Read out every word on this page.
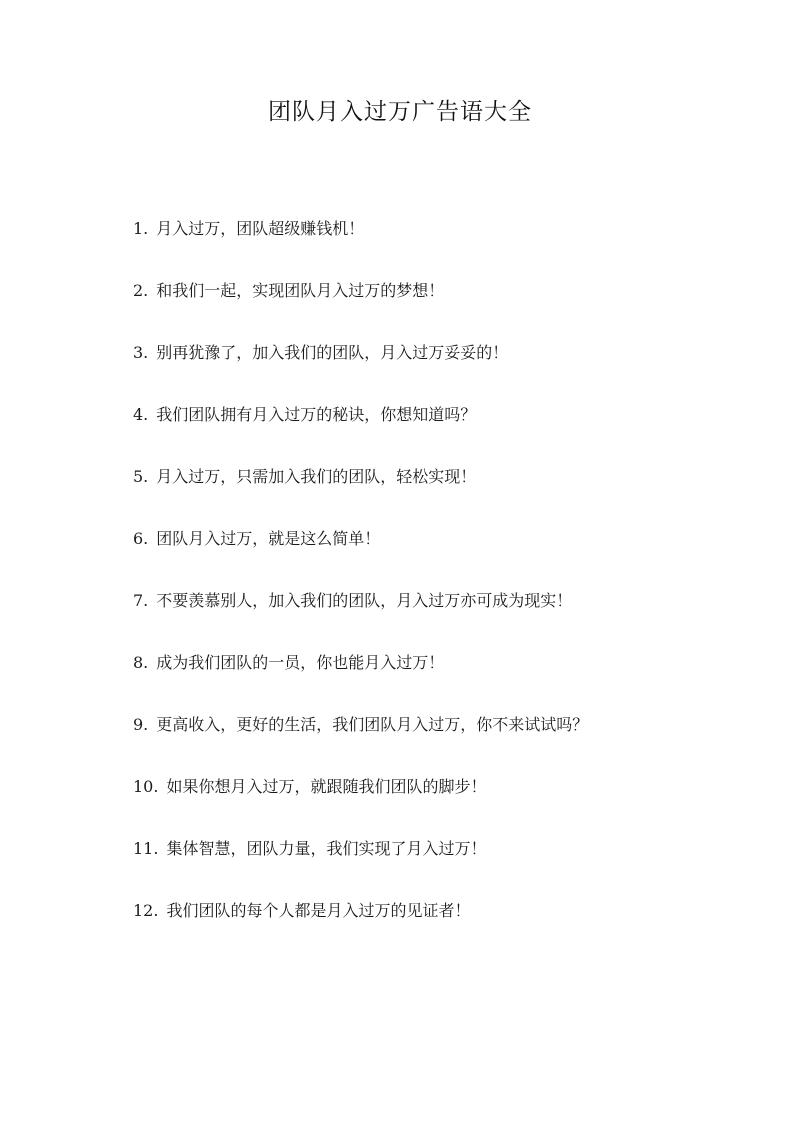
团队月入过万广告语大全
1. 月入过万，团队超级赚钱机！
2. 和我们一起，实现团队月入过万的梦想！
3. 别再犹豫了，加入我们的团队，月入过万妥妥的！
4. 我们团队拥有月入过万的秘诀，你想知道吗？
5. 月入过万，只需加入我们的团队，轻松实现！
6. 团队月入过万，就是这么简单！
7. 不要羡慕别人，加入我们的团队，月入过万亦可成为现实！
8. 成为我们团队的一员，你也能月入过万！
9. 更高收入，更好的生活，我们团队月入过万，你不来试试吗？
10. 如果你想月入过万，就跟随我们团队的脚步！
11. 集体智慧，团队力量，我们实现了月入过万！
12. 我们团队的每个人都是月入过万的见证者！
